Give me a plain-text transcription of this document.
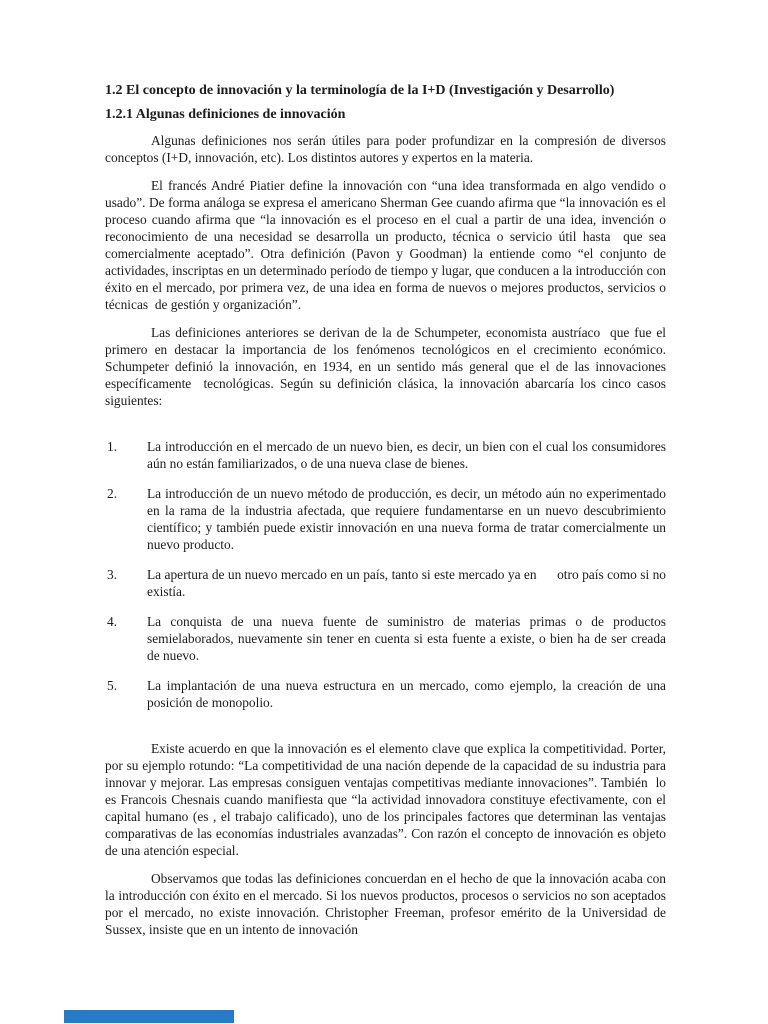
1.2 El concepto de innovación y la terminología de la I+D (Investigación y Desarrollo)
1.2.1 Algunas definiciones de innovación

Algunas definiciones nos serán útiles para poder profundizar en la compresión de diversos conceptos (I+D, innovación, etc). Los distintos autores y expertos en la materia.

El francés André Piatier define la innovación con “una idea transformada en algo vendido o usado”. De forma análoga se expresa el americano Sherman Gee cuando afirma que “la innovación es el proceso cuando afirma que “la innovación es el proceso en el cual a partir de una idea, invención o reconocimiento de una necesidad se desarrolla un producto, técnica o servicio útil hasta  que sea comercialmente aceptado”. Otra definición (Pavon y Goodman) la entiende como “el conjunto de actividades, inscriptas en un determinado período de tiempo y lugar, que conducen a la introducción con éxito en el mercado, por primera vez, de una idea en forma de nuevos o mejores productos, servicios o técnicas  de gestión y organización”.

Las definiciones anteriores se derivan de la de Schumpeter, economista austríaco  que fue el primero en destacar la importancia de los fenómenos tecnológicos en el crecimiento económico. Schumpeter definió la innovación, en 1934, en un sentido más general que el de las innovaciones específicamente  tecnológicas. Según su definición clásica, la innovación abarcaría los cinco casos siguientes:

1. La introducción en el mercado de un nuevo bien, es decir, un bien con el cual los consumidores aún no están familiarizados, o de una nueva clase de bienes.
2. La introducción de un nuevo método de producción, es decir, un método aún no experimentado en la rama de la industria afectada, que requiere fundamentarse en un nuevo descubrimiento científico; y también puede existir innovación en una nueva forma de tratar comercialmente un nuevo producto.
3. La apertura de un nuevo mercado en un país, tanto si este mercado ya en      otro país como si no existía.
4. La conquista de una nueva fuente de suministro de materias primas o de productos semielaborados, nuevamente sin tener en cuenta si esta fuente a existe, o bien ha de ser creada de nuevo.
5. La implantación de una nueva estructura en un mercado, como ejemplo, la creación de una posición de monopolio.

Existe acuerdo en que la innovación es el elemento clave que explica la competitividad. Porter, por su ejemplo rotundo: “La competitividad de una nación depende de la capacidad de su industria para innovar y mejorar. Las empresas consiguen ventajas competitivas mediante innovaciones”. También  lo es Francois Chesnais cuando manifiesta que “la actividad innovadora constituye efectivamente, con el capital humano (es , el trabajo calificado), uno de los principales factores que determinan las ventajas comparativas de las economías industriales avanzadas”. Con razón el concepto de innovación es objeto de una atención especial.

Observamos que todas las definiciones concuerdan en el hecho de que la innovación acaba con la introducción con éxito en el mercado. Si los nuevos productos, procesos o servicios no son aceptados por el mercado, no existe innovación. Christopher Freeman, profesor emérito de la Universidad de Sussex, insiste que en un intento de innovación
